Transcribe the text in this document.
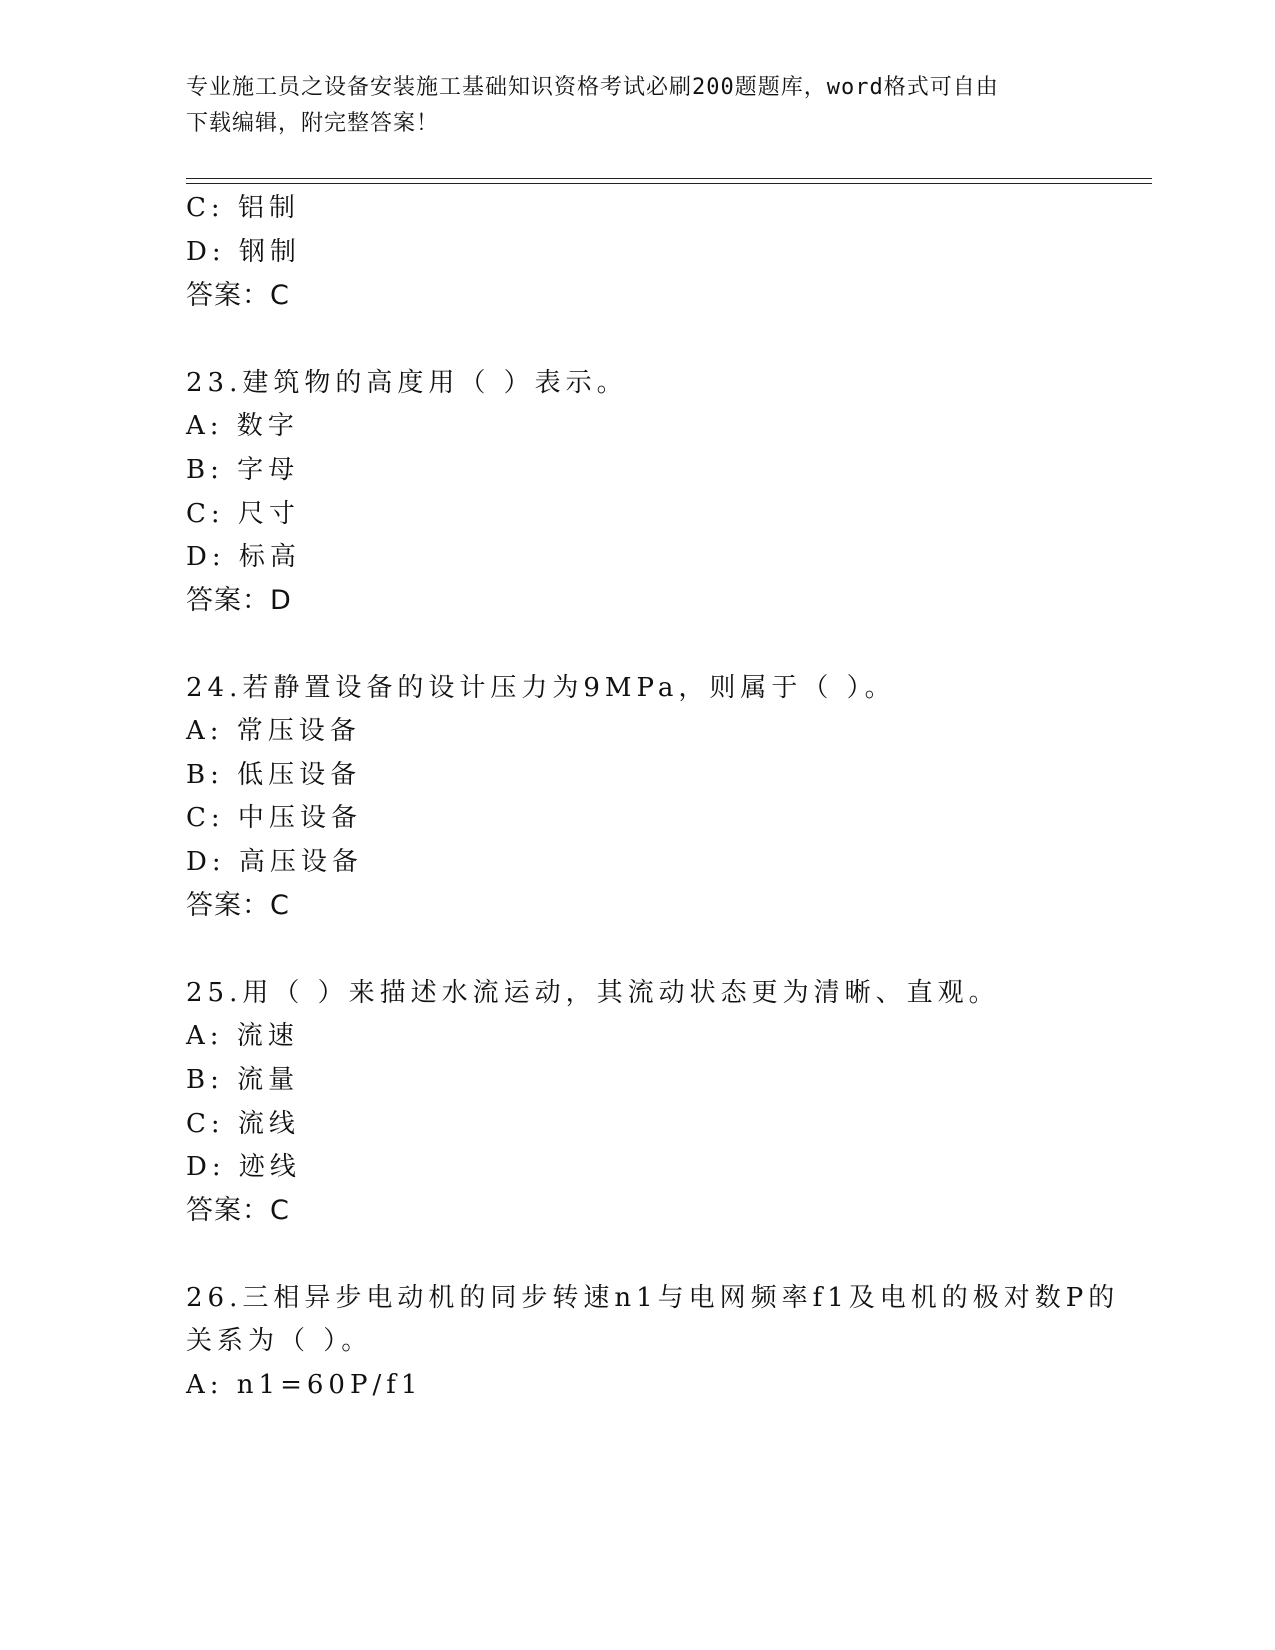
专业施工员之设备安装施工基础知识资格考试必刷200题题库，word格式可自由
下载编辑，附完整答案！
C: 铝制
D: 钢制
答案：C
23.建筑物的高度用（ ）表示。
A: 数字
B: 字母
C: 尺寸
D: 标高
答案：D
24.若静置设备的设计压力为9MPa，则属于（ ）。
A: 常压设备
B: 低压设备
C: 中压设备
D: 高压设备
答案：C
25.用（ ）来描述水流运动，其流动状态更为清晰、直观。
A: 流速
B: 流量
C: 流线
D: 迹线
答案：C
26.三相异步电动机的同步转速n1与电网频率f1及电机的极对数P的
关系为（ ）。
A: n1=60P/f1
